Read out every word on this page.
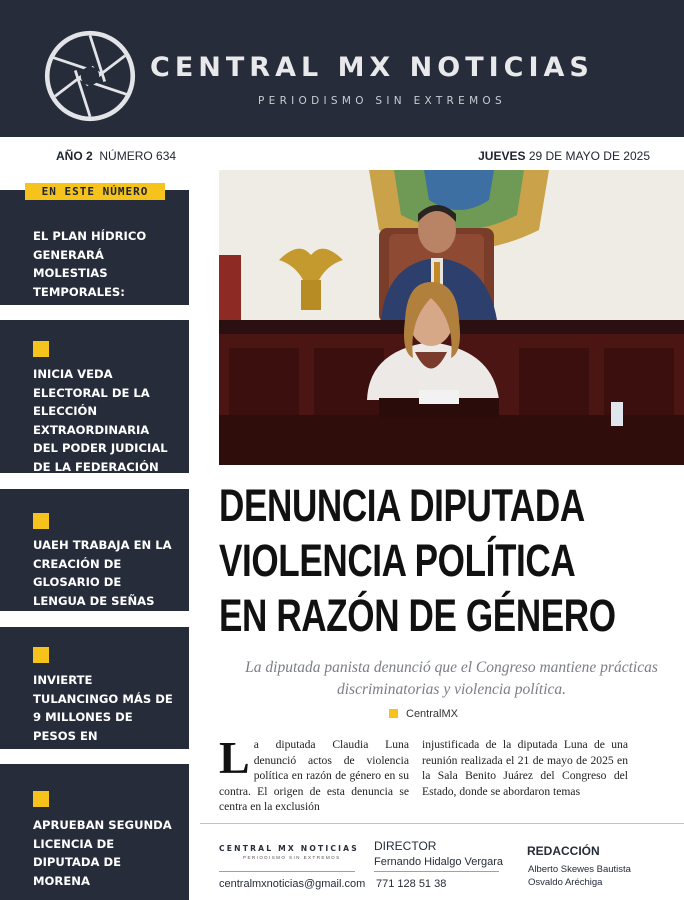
CENTRAL MX NOTICIAS
PERIODISMO SIN EXTREMOS
AÑO 2 NÚMERO 634	JUEVES 29 DE MAYO DE 2025
EN ESTE NÚMERO
EL PLAN HÍDRICO GENERARÁ MOLESTIAS TEMPORALES: MENCHACA
INICIA VEDA ELECTORAL DE LA ELECCIÓN EXTRAORDINARIA DEL PODER JUDICIAL DE LA FEDERACIÓN
UAEH TRABAJA EN LA CREACIÓN DE GLOSARIO DE LENGUA DE SEÑAS
INVIERTE TULANCINGO MÁS DE 9 MILLONES DE PESOS EN SEGURIDAD
APRUEBAN SEGUNDA LICENCIA DE DIPUTADA DE MORENA
DENUNCIA DIPUTADA
VIOLENCIA POLÍTICA
EN RAZÓN DE GÉNERO

La diputada panista denunció que el Congreso mantiene prácticas discriminatorias y violencia política.

CentralMX
La diputada Claudia Luna denunció actos de violencia política en razón de género en su contra. El origen de esta denuncia se centra en la exclusión
injustificada de la diputada Luna de una reunión realizada el 21 de mayo de 2025 en la Sala Benito Juárez del Congreso del Estado, donde se abordaron temas
CENTRAL MX NOTICIAS
PERIODISMO SIN EXTREMOS
centralmxnoticias@gmail.com
DIRECTOR
Fernando Hidalgo Vergara
771 128 51 38
REDACCIÓN
Alberto Skewes Bautista
Osvaldo Aréchiga
